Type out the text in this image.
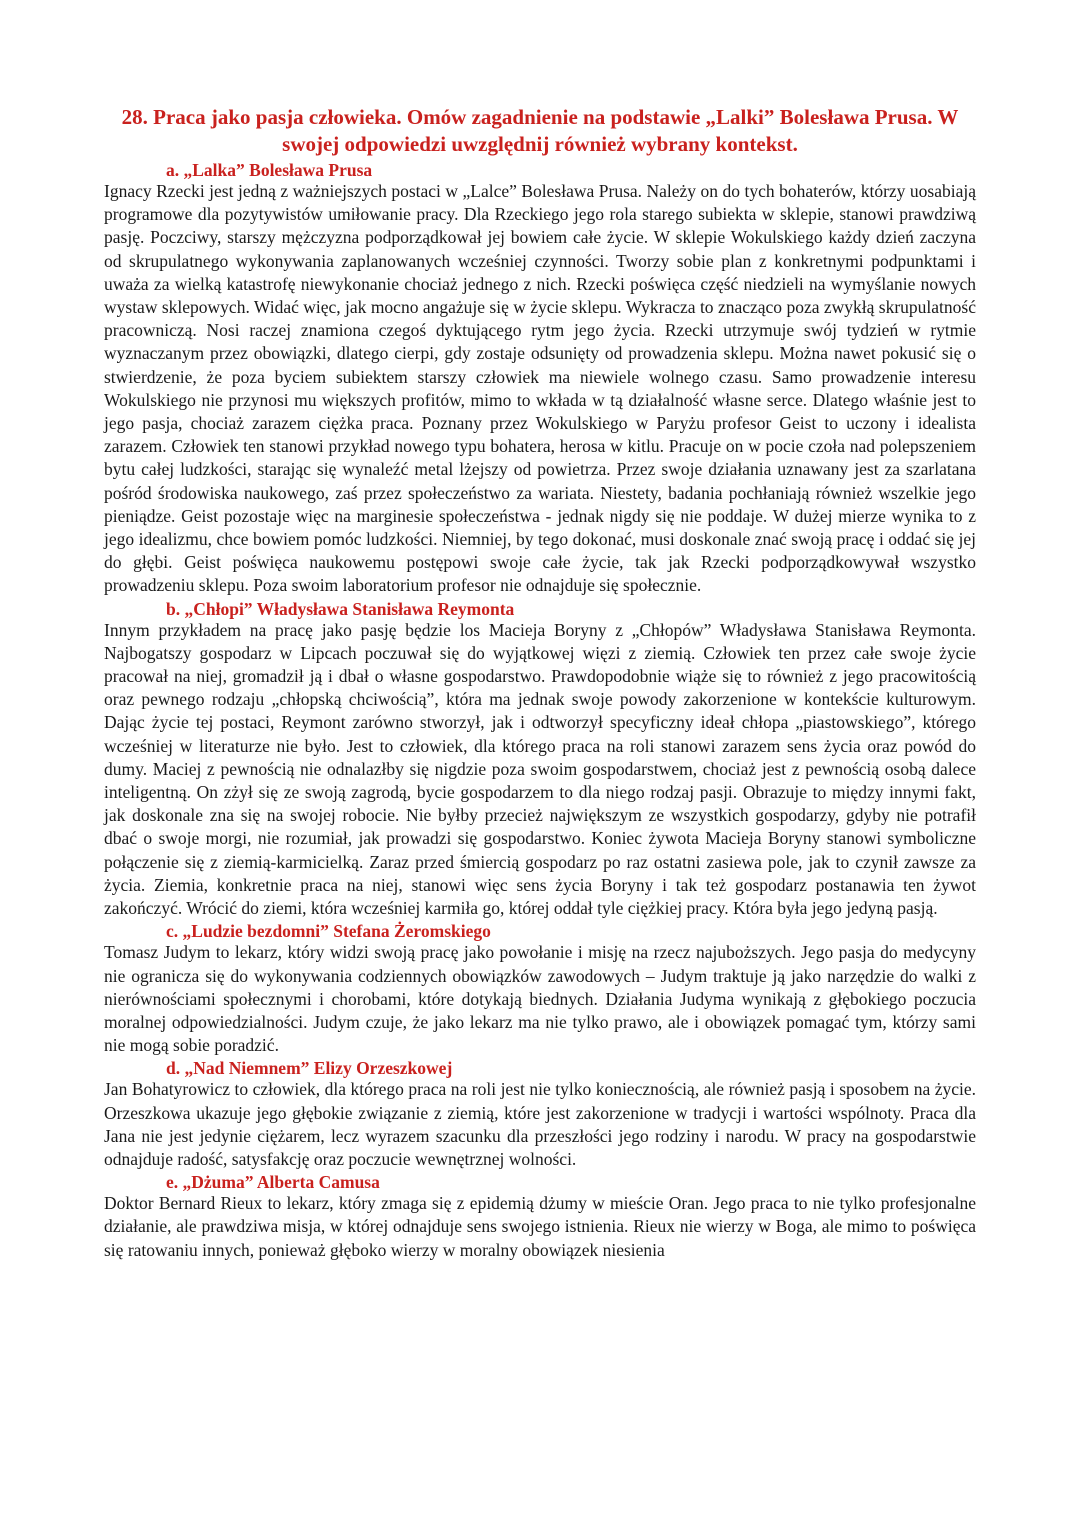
28. Praca jako pasja człowieka. Omów zagadnienie na podstawie „Lalki” Bolesława Prusa. W swojej odpowiedzi uwzględnij również wybrany kontekst.
a. „Lalka” Bolesława Prusa

Ignacy Rzecki jest jedną z ważniejszych postaci w „Lalce” Bolesława Prusa. Należy on do tych bohaterów, którzy uosabiają programowe dla pozytywistów umiłowanie pracy. Dla Rzeckiego jego rola starego subiekta w sklepie, stanowi prawdziwą pasję. Poczciwy, starszy mężczyzna podporządkował jej bowiem całe życie. W sklepie Wokulskiego każdy dzień zaczyna od skrupulatnego wykonywania zaplanowanych wcześniej czynności. Tworzy sobie plan z konkretnymi podpunktami i uważa za wielką katastrofę niewykonanie chociaż jednego z nich. Rzecki poświęca część niedzieli na wymyślanie nowych wystaw sklepowych. Widać więc, jak mocno angażuje się w życie sklepu. Wykracza to znacząco poza zwykłą skrupulatność pracowniczą. Nosi raczej znamiona czegoś dyktującego rytm jego życia. Rzecki utrzymuje swój tydzień w rytmie wyznaczanym przez obowiązki, dlatego cierpi, gdy zostaje odsunięty od prowadzenia sklepu. Można nawet pokusić się o stwierdzenie, że poza byciem subiektem starszy człowiek ma niewiele wolnego czasu. Samo prowadzenie interesu Wokulskiego nie przynosi mu większych profitów, mimo to wkłada w tą działalność własne serce. Dlatego właśnie jest to jego pasja, chociaż zarazem ciężka praca. Poznany przez Wokulskiego w Paryżu profesor Geist to uczony i idealista zarazem. Człowiek ten stanowi przykład nowego typu bohatera, herosa w kitlu. Pracuje on w pocie czoła nad polepszeniem bytu całej ludzkości, starając się wynaleźć metal lżejszy od powietrza. Przez swoje działania uznawany jest za szarlatana pośród środowiska naukowego, zaś przez społeczeństwo za wariata. Niestety, badania pochłaniają również wszelkie jego pieniądze. Geist pozostaje więc na marginesie społeczeństwa - jednak nigdy się nie poddaje. W dużej mierze wynika to z jego idealizmu, chce bowiem pomóc ludzkości. Niemniej, by tego dokonać, musi doskonale znać swoją pracę i oddać się jej do głębi. Geist poświęca naukowemu postępowi swoje całe życie, tak jak Rzecki podporządkowywał wszystko prowadzeniu sklepu. Poza swoim laboratorium profesor nie odnajduje się społecznie.

b. „Chłopi” Władysława Stanisława Reymonta

Innym przykładem na pracę jako pasję będzie los Macieja Boryny z „Chłopów” Władysława Stanisława Reymonta. Najbogatszy gospodarz w Lipcach poczuwał się do wyjątkowej więzi z ziemią. Człowiek ten przez całe swoje życie pracował na niej, gromadził ją i dbał o własne gospodarstwo. Prawdopodobnie wiąże się to również z jego pracowitością oraz pewnego rodzaju „chłopską chciwością”, która ma jednak swoje powody zakorzenione w kontekście kulturowym. Dając życie tej postaci, Reymont zarówno stworzył, jak i odtworzył specyficzny ideał chłopa „piastowskiego”, którego wcześniej w literaturze nie było. Jest to człowiek, dla którego praca na roli stanowi zarazem sens życia oraz powód do dumy. Maciej z pewnością nie odnalazłby się nigdzie poza swoim gospodarstwem, chociaż jest z pewnością osobą dalece inteligentną. On zżył się ze swoją zagrodą, bycie gospodarzem to dla niego rodzaj pasji. Obrazuje to między innymi fakt, jak doskonale zna się na swojej robocie. Nie byłby przecież największym ze wszystkich gospodarzy, gdyby nie potrafił dbać o swoje morgi, nie rozumiał, jak prowadzi się gospodarstwo. Koniec żywota Macieja Boryny stanowi symboliczne połączenie się z ziemią-karmicielką. Zaraz przed śmiercią gospodarz po raz ostatni zasiewa pole, jak to czynił zawsze za życia. Ziemia, konkretnie praca na niej, stanowi więc sens życia Boryny i tak też gospodarz postanawia ten żywot zakończyć. Wrócić do ziemi, która wcześniej karmiła go, której oddał tyle ciężkiej pracy. Która była jego jedyną pasją.

c. „Ludzie bezdomni” Stefana Żeromskiego

Tomasz Judym to lekarz, który widzi swoją pracę jako powołanie i misję na rzecz najuboższych. Jego pasja do medycyny nie ogranicza się do wykonywania codziennych obowiązków zawodowych – Judym traktuje ją jako narzędzie do walki z nierównościami społecznymi i chorobami, które dotykają biednych. Działania Judyma wynikają z głębokiego poczucia moralnej odpowiedzialności. Judym czuje, że jako lekarz ma nie tylko prawo, ale i obowiązek pomagać tym, którzy sami nie mogą sobie poradzić.

d. „Nad Niemnem” Elizy Orzeszkowej

Jan Bohatyrowicz to człowiek, dla którego praca na roli jest nie tylko koniecznością, ale również pasją i sposobem na życie. Orzeszkowa ukazuje jego głębokie związanie z ziemią, które jest zakorzenione w tradycji i wartości wspólnoty. Praca dla Jana nie jest jedynie ciężarem, lecz wyrazem szacunku dla przeszłości jego rodziny i narodu. W pracy na gospodarstwie odnajduje radość, satysfakcję oraz poczucie wewnętrznej wolności.

e. „Dżuma” Alberta Camusa

Doktor Bernard Rieux to lekarz, który zmaga się z epidemią dżumy w mieście Oran. Jego praca to nie tylko profesjonalne działanie, ale prawdziwa misja, w której odnajduje sens swojego istnienia. Rieux nie wierzy w Boga, ale mimo to poświęca się ratowaniu innych, ponieważ głęboko wierzy w moralny obowiązek niesienia
